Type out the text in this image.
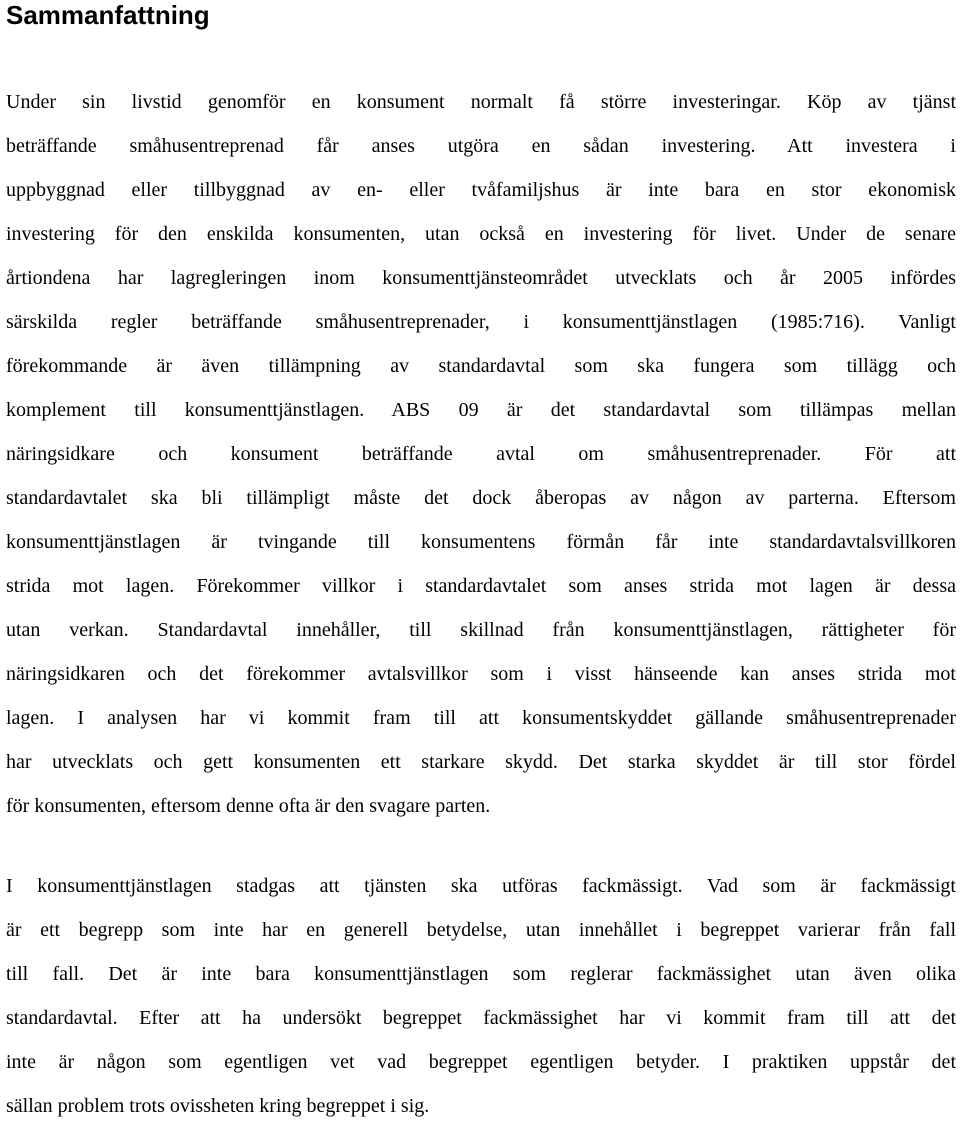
Sammanfattning
Under sin livstid genomför en konsument normalt få större investeringar. Köp av tjänst
beträffande småhusentreprenad får anses utgöra en sådan investering. Att investera i
uppbyggnad eller tillbyggnad av en- eller tvåfamiljshus är inte bara en stor ekonomisk
investering för den enskilda konsumenten, utan också en investering för livet. Under de senare
årtiondena har lagregleringen inom konsumenttjänsteområdet utvecklats och år 2005 infördes
särskilda regler beträffande småhusentreprenader, i konsumenttjänstlagen (1985:716). Vanligt
förekommande är även tillämpning av standardavtal som ska fungera som tillägg och
komplement till konsumenttjänstlagen. ABS 09 är det standardavtal som tillämpas mellan
näringsidkare och konsument beträffande avtal om småhusentreprenader. För att
standardavtalet ska bli tillämpligt måste det dock åberopas av någon av parterna. Eftersom
konsumenttjänstlagen är tvingande till konsumentens förmån får inte standardavtalsvillkoren
strida mot lagen. Förekommer villkor i standardavtalet som anses strida mot lagen är dessa
utan verkan. Standardavtal innehåller, till skillnad från konsumenttjänstlagen, rättigheter för
näringsidkaren och det förekommer avtalsvillkor som i visst hänseende kan anses strida mot
lagen. I analysen har vi kommit fram till att konsumentskyddet gällande småhusentreprenader
har utvecklats och gett konsumenten ett starkare skydd. Det starka skyddet är till stor fördel
för konsumenten, eftersom denne ofta är den svagare parten.
I konsumenttjänstlagen stadgas att tjänsten ska utföras fackmässigt. Vad som är fackmässigt
är ett begrepp som inte har en generell betydelse, utan innehållet i begreppet varierar från fall
till fall. Det är inte bara konsumenttjänstlagen som reglerar fackmässighet utan även olika
standardavtal. Efter att ha undersökt begreppet fackmässighet har vi kommit fram till att det
inte är någon som egentligen vet vad begreppet egentligen betyder. I praktiken uppstår det
sällan problem trots ovissheten kring begreppet i sig.
